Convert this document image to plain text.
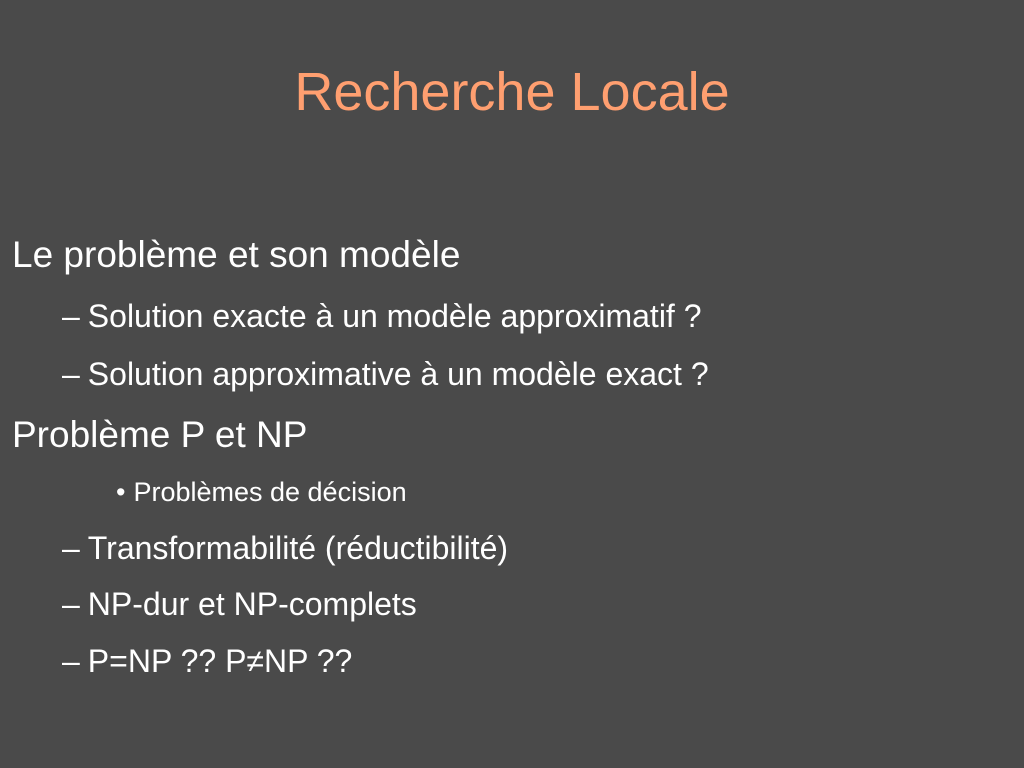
Recherche Locale
Le problème et son modèle
– Solution exacte à un modèle approximatif ?
– Solution approximative à un modèle exact ?
Problème P et NP
• Problèmes de décision
– Transformabilité (réductibilité)
– NP-dur et NP-complets
– P=NP ?? P≠NP ??
